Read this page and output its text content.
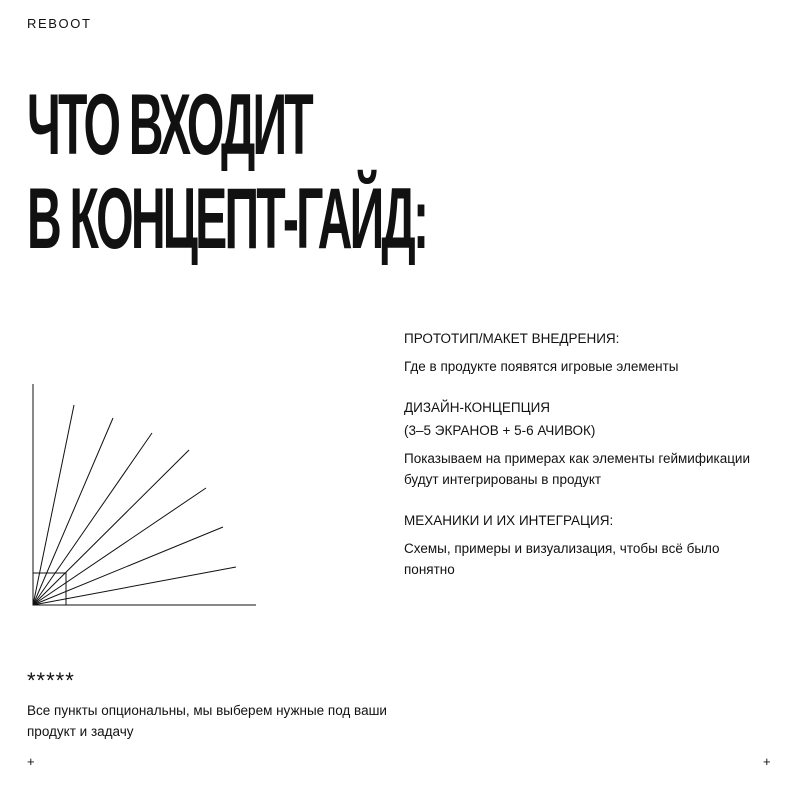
REBOOT
ЧТО ВХОДИТ
В КОНЦЕПТ-ГАЙД:
ПРОТОТИП/МАКЕТ ВНЕДРЕНИЯ:
Где в продукте появятся игровые элементы
ДИЗАЙН-КОНЦЕПЦИЯ
(3–5 ЭКРАНОВ + 5-6 АЧИВОК)
Показываем на примерах как элементы геймификации будут интегрированы в продукт
МЕХАНИКИ И ИХ ИНТЕГРАЦИЯ:
Схемы, примеры и визуализация, чтобы всё было понятно
*****
Все пункты опциональны, мы выберем нужные под ваши продукт и задачу
+	+
